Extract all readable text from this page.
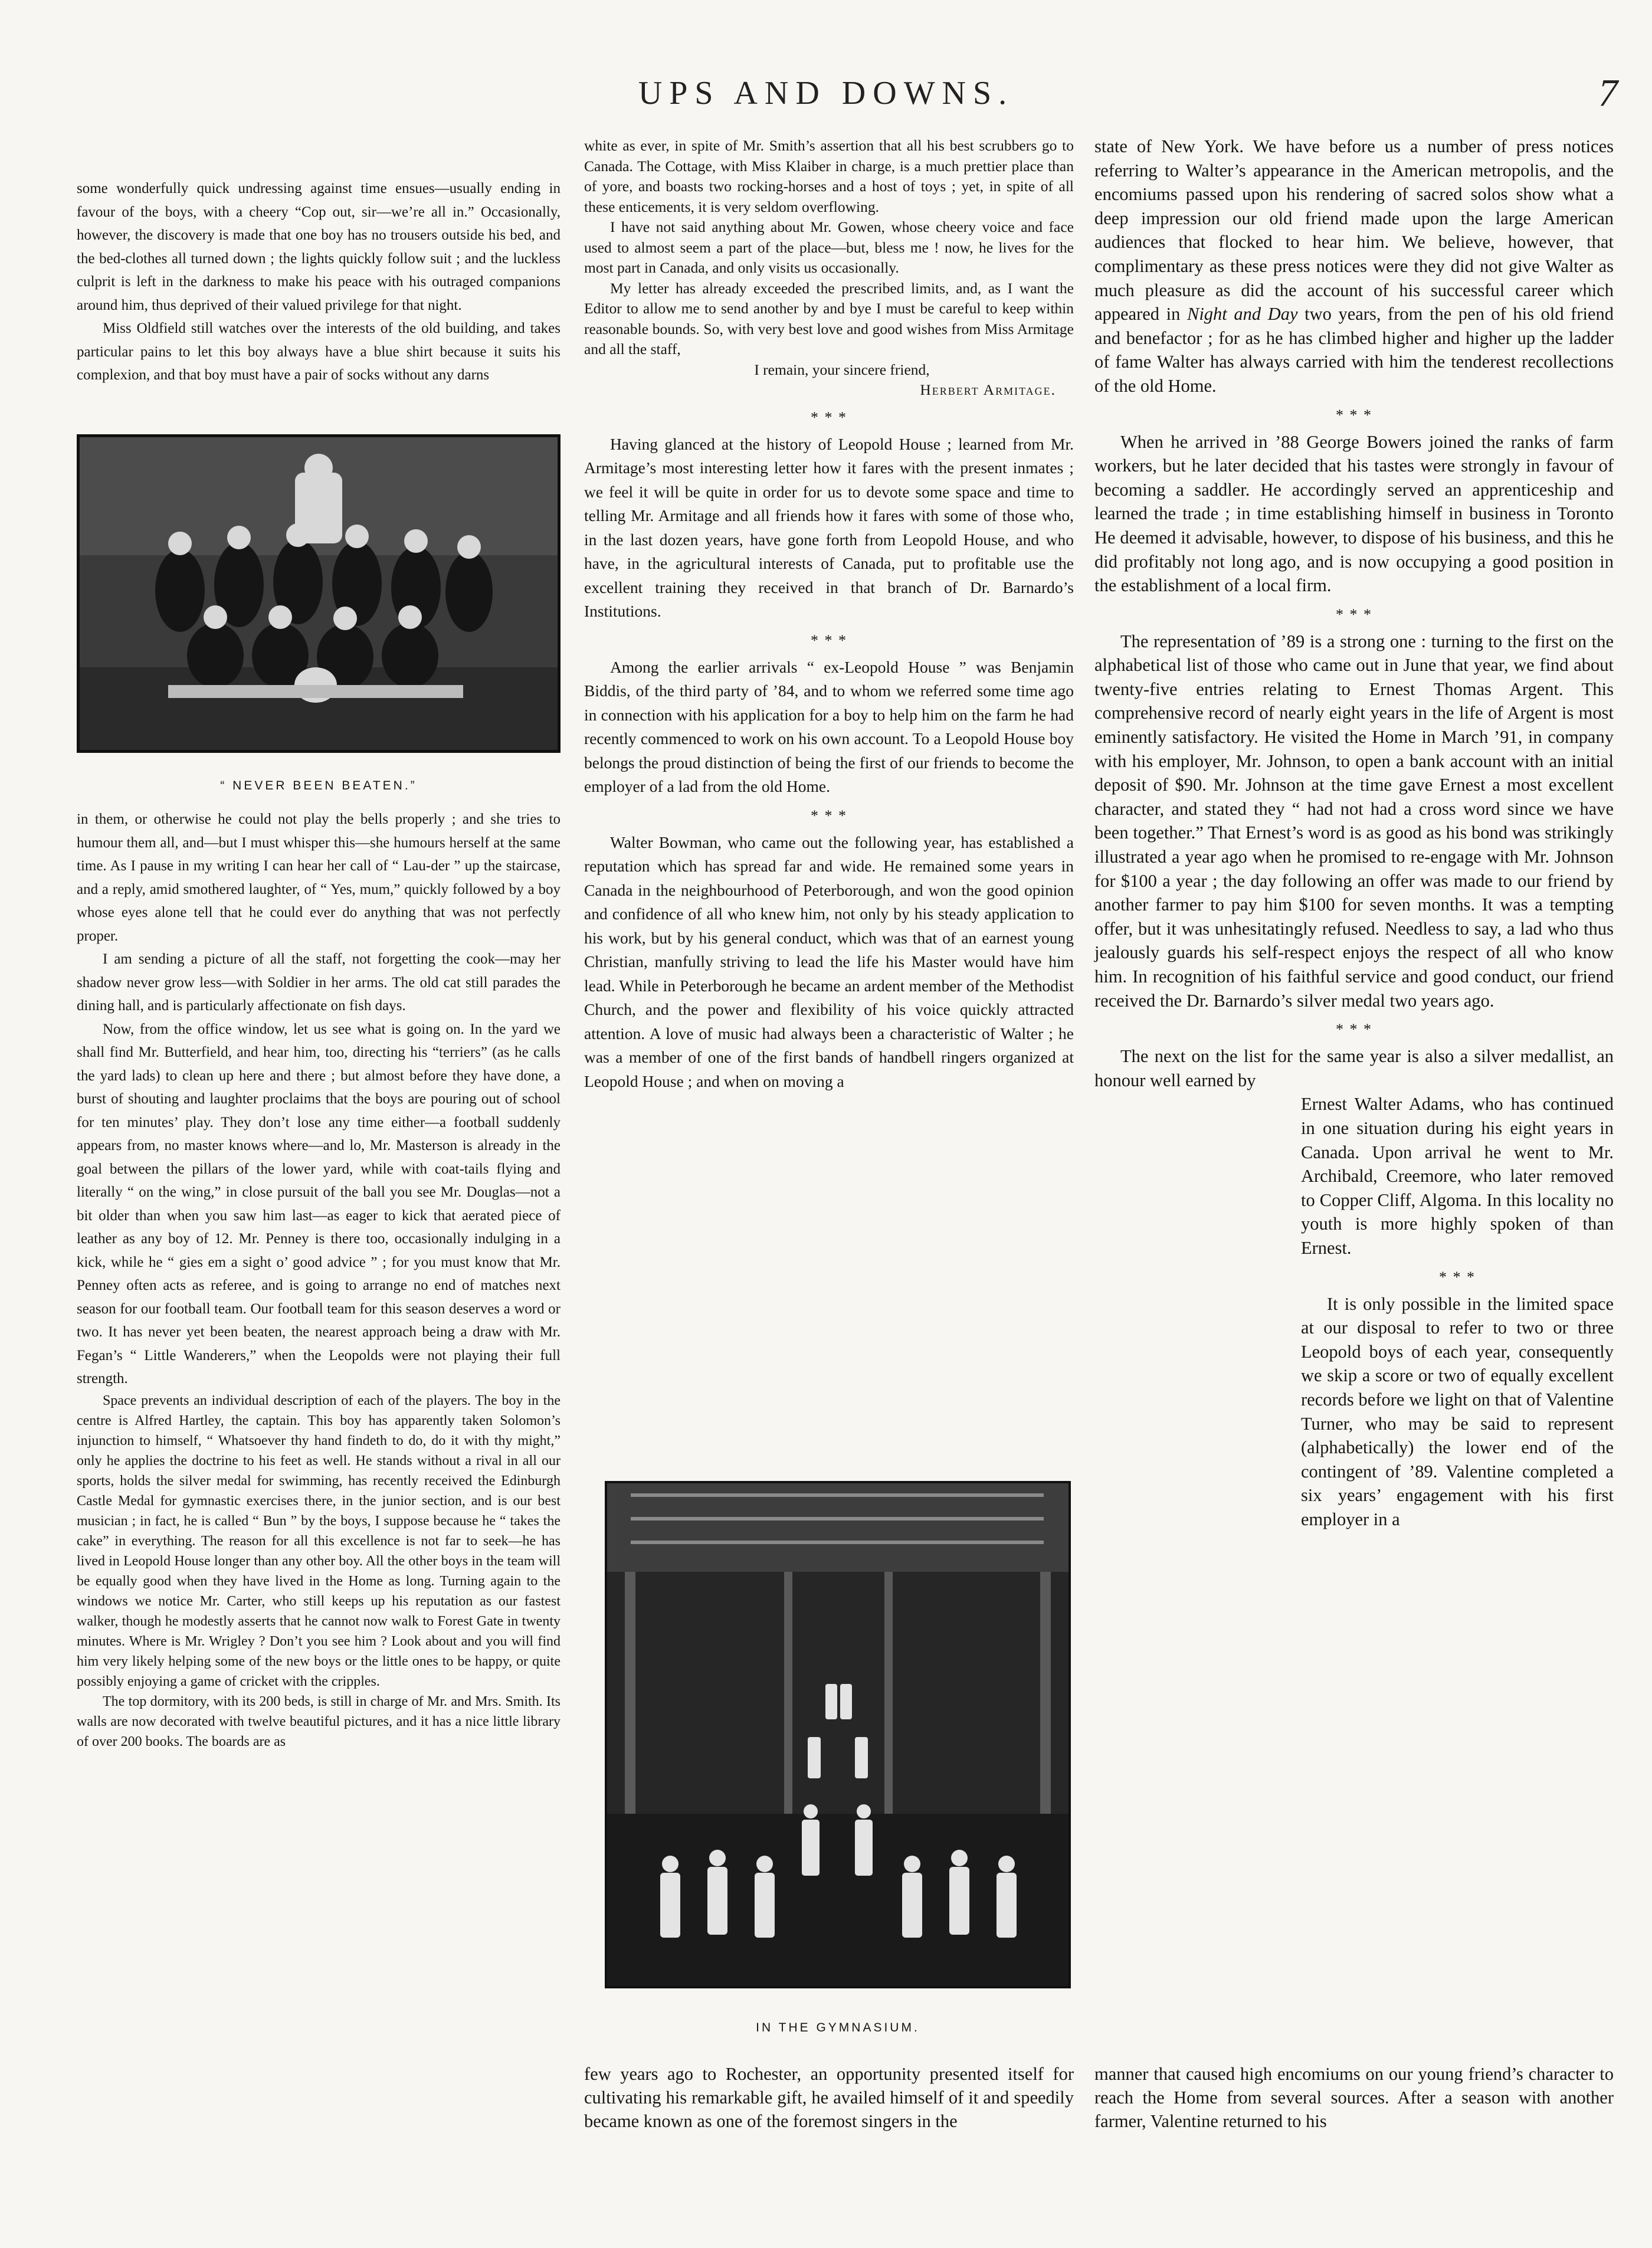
UPS AND DOWNS.	7

some wonderfully quick undressing against time ensues—usually ending in favour of the boys, with a cheery “Cop out, sir—we’re all in.” Occasionally, however, the discovery is made that one boy has no trousers outside his bed, and the bed-clothes all turned down ; the lights quickly follow suit ; and the luckless culprit is left in the darkness to make his peace with his outraged companions around him, thus deprived of their valued privilege for that night.

Miss Oldfield still watches over the interests of the old building, and takes particular pains to let this boy always have a blue shirt because it suits his complexion, and that boy must have a pair of socks without any darns

“ NEVER BEEN BEATEN.”

in them, or otherwise he could not play the bells properly ; and she tries to humour them all, and—but I must whisper this—she humours herself at the same time. As I pause in my writing I can hear her call of “ Lau-der ” up the staircase, and a reply, amid smothered laughter, of “ Yes, mum,” quickly followed by a boy whose eyes alone tell that he could ever do anything that was not perfectly proper.

I am sending a picture of all the staff, not forgetting the cook—may her shadow never grow less—with Soldier in her arms. The old cat still parades the dining hall, and is particularly affectionate on fish days.

Now, from the office window, let us see what is going on. In the yard we shall find Mr. Butterfield, and hear him, too, directing his “terriers” (as he calls the yard lads) to clean up here and there ; but almost before they have done, a burst of shouting and laughter proclaims that the boys are pouring out of school for ten minutes’ play. They don’t lose any time either—a football suddenly appears from, no master knows where—and lo, Mr. Masterson is already in the goal between the pillars of the lower yard, while with coat-tails flying and literally “ on the wing,” in close pursuit of the ball you see Mr. Douglas—not a bit older than when you saw him last—as eager to kick that aerated piece of leather as any boy of 12. Mr. Penney is there too, occasionally indulging in a kick, while he “ gies em a sight o’ good advice ” ; for you must know that Mr. Penney often acts as referee, and is going to arrange no end of matches next season for our football team. Our football team for this season deserves a word or two. It has never yet been beaten, the nearest approach being a draw with Mr. Fegan’s “ Little Wanderers,” when the Leopolds were not playing their full strength.

Space prevents an individual description of each of the players. The boy in the centre is Alfred Hartley, the captain. This boy has apparently taken Solomon’s injunction to himself, “ Whatsoever thy hand findeth to do, do it with thy might,” only he applies the doctrine to his feet as well. He stands without a rival in all our sports, holds the silver medal for swimming, has recently received the Edinburgh Castle Medal for gymnastic exercises there, in the junior section, and is our best musician ; in fact, he is called “ Bun ” by the boys, I suppose because he “ takes the cake” in everything. The reason for all this excellence is not far to seek—he has lived in Leopold House longer than any other boy. All the other boys in the team will be equally good when they have lived in the Home as long. Turning again to the windows we notice Mr. Carter, who still keeps up his reputation as our fastest walker, though he modestly asserts that he cannot now walk to Forest Gate in twenty minutes. Where is Mr. Wrigley ? Don’t you see him ? Look about and you will find him very likely helping some of the new boys or the little ones to be happy, or quite possibly enjoying a game of cricket with the cripples.

The top dormitory, with its 200 beds, is still in charge of Mr. and Mrs. Smith. Its walls are now decorated with twelve beautiful pictures, and it has a nice little library of over 200 books. The boards are as

white as ever, in spite of Mr. Smith’s assertion that all his best scrubbers go to Canada. The Cottage, with Miss Klaiber in charge, is a much prettier place than of yore, and boasts two rocking-horses and a host of toys ; yet, in spite of all these enticements, it is very seldom overflowing.

I have not said anything about Mr. Gowen, whose cheery voice and face used to almost seem a part of the place—but, bless me ! now, he lives for the most part in Canada, and only visits us occasionally.

My letter has already exceeded the prescribed limits, and, as I want the Editor to allow me to send another by and bye I must be careful to keep within reasonable bounds. So, with very best love and good wishes from Miss Armitage and all the staff,

I remain, your sincere friend,

Herbert Armitage.

* * *

Having glanced at the history of Leopold House ; learned from Mr. Armitage’s most interesting letter how it fares with the present inmates ; we feel it will be quite in order for us to devote some space and time to telling Mr. Armitage and all friends how it fares with some of those who, in the last dozen years, have gone forth from Leopold House, and who have, in the agricultural interests of Canada, put to profitable use the excellent training they received in that branch of Dr. Barnardo’s Institutions.

* * *

Among the earlier arrivals “ ex-Leopold House ” was Benjamin Biddis, of the third party of ’84, and to whom we referred some time ago in connection with his application for a boy to help him on the farm he had recently commenced to work on his own account. To a Leopold House boy belongs the proud distinction of being the first of our friends to become the employer of a lad from the old Home.

* * *

Walter Bowman, who came out the following year, has established a reputation which has spread far and wide. He remained some years in Canada in the neighbourhood of Peterborough, and won the good opinion and confidence of all who knew him, not only by his steady application to his work, but by his general conduct, which was that of an earnest young Christian, manfully striving to lead the life his Master would have him lead. While in Peterborough he became an ardent member of the Methodist Church, and the power and flexibility of his voice quickly attracted attention. A love of music had always been a characteristic of Walter ; he was a member of one of the first bands of handbell ringers organized at Leopold House ; and when on moving a

IN THE GYMNASIUM.

few years ago to Rochester, an opportunity presented itself for cultivating his remarkable gift, he availed himself of it and speedily became known as one of the foremost singers in the

state of New York. We have before us a number of press notices referring to Walter’s appearance in the American metropolis, and the encomiums passed upon his rendering of sacred solos show what a deep impression our old friend made upon the large American audiences that flocked to hear him. We believe, however, that complimentary as these press notices were they did not give Walter as much pleasure as did the account of his successful career which appeared in Night and Day two years, from the pen of his old friend and benefactor ; for as he has climbed higher and higher up the ladder of fame Walter has always carried with him the tenderest recollections of the old Home.

* * *

When he arrived in ’88 George Bowers joined the ranks of farm workers, but he later decided that his tastes were strongly in favour of becoming a saddler. He accordingly served an apprenticeship and learned the trade ; in time establishing himself in business in Toronto He deemed it advisable, however, to dispose of his business, and this he did profitably not long ago, and is now occupying a good position in the establishment of a local firm.

* * *

The representation of ’89 is a strong one : turning to the first on the alphabetical list of those who came out in June that year, we find about twenty-five entries relating to Ernest Thomas Argent. This comprehensive record of nearly eight years in the life of Argent is most eminently satisfactory. He visited the Home in March ’91, in company with his employer, Mr. Johnson, to open a bank account with an initial deposit of $90. Mr. Johnson at the time gave Ernest a most excellent character, and stated they “ had not had a cross word since we have been together.” That Ernest’s word is as good as his bond was strikingly illustrated a year ago when he promised to re-engage with Mr. Johnson for $100 a year ; the day following an offer was made to our friend by another farmer to pay him $100 for seven months. It was a tempting offer, but it was unhesitatingly refused. Needless to say, a lad who thus jealously guards his self-respect enjoys the respect of all who know him. In recognition of his faithful service and good conduct, our friend received the Dr. Barnardo’s silver medal two years ago.

* * *

The next on the list for the same year is also a silver medallist, an honour well earned by

Ernest Walter Adams, who has continued in one situation during his eight years in Canada. Upon arrival he went to Mr. Archibald, Creemore, who later removed to Copper Cliff, Algoma. In this locality no youth is more highly spoken of than Ernest.

* * *

It is only possible in the limited space at our disposal to refer to two or three Leopold boys of each year, consequently we skip a score or two of equally excellent records before we light on that of Valentine Turner, who may be said to represent (alphabetically) the lower end of the contingent of ’89. Valentine completed a six years’ engagement with his first employer in a

manner that caused high encomiums on our young friend’s character to reach the Home from several sources. After a season with another farmer, Valentine returned to his
